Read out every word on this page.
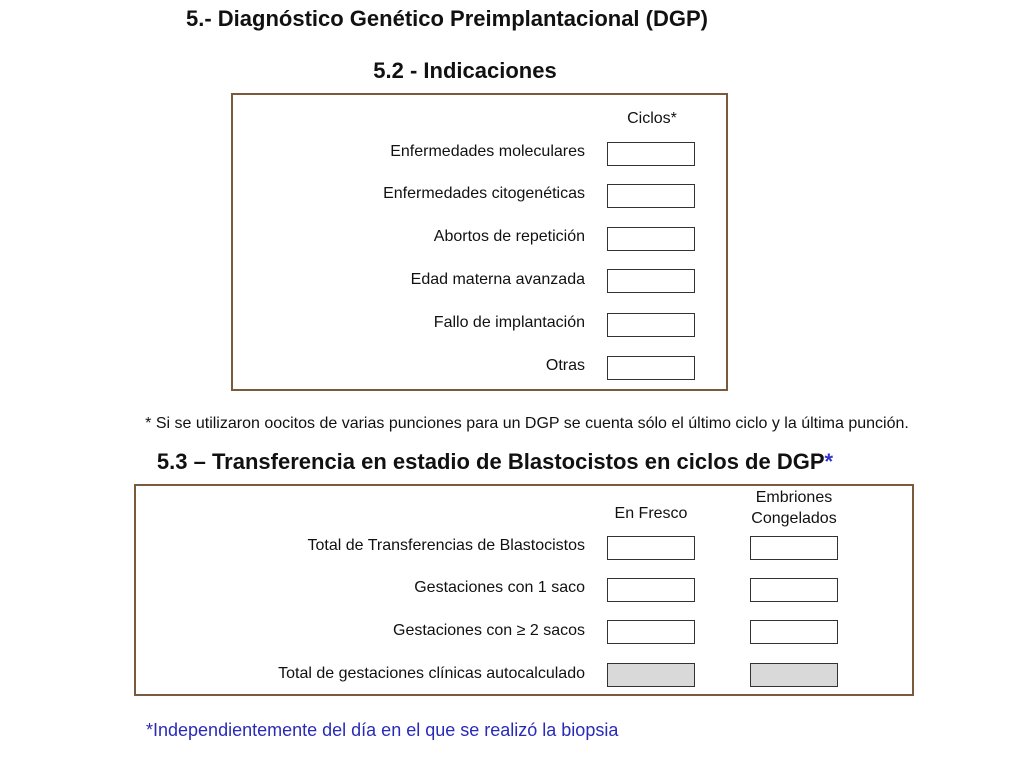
5.- Diagnóstico Genético Preimplantacional (DGP)
5.2 - Indicaciones
Ciclos*
Enfermedades moleculares
Enfermedades citogenéticas
Abortos de repetición
Edad materna avanzada
Fallo de implantación
Otras
* Si se utilizaron oocitos de varias punciones para un DGP se cuenta sólo el último ciclo y la última punción.
5.3 – Transferencia en estadio de Blastocistos en ciclos de DGP*
En Fresco
Embriones
Congelados
Total de Transferencias de Blastocistos
Gestaciones con 1 saco
Gestaciones con ≥ 2 sacos
Total de gestaciones clínicas autocalculado
*Independientemente del día en el que se realizó la biopsia
